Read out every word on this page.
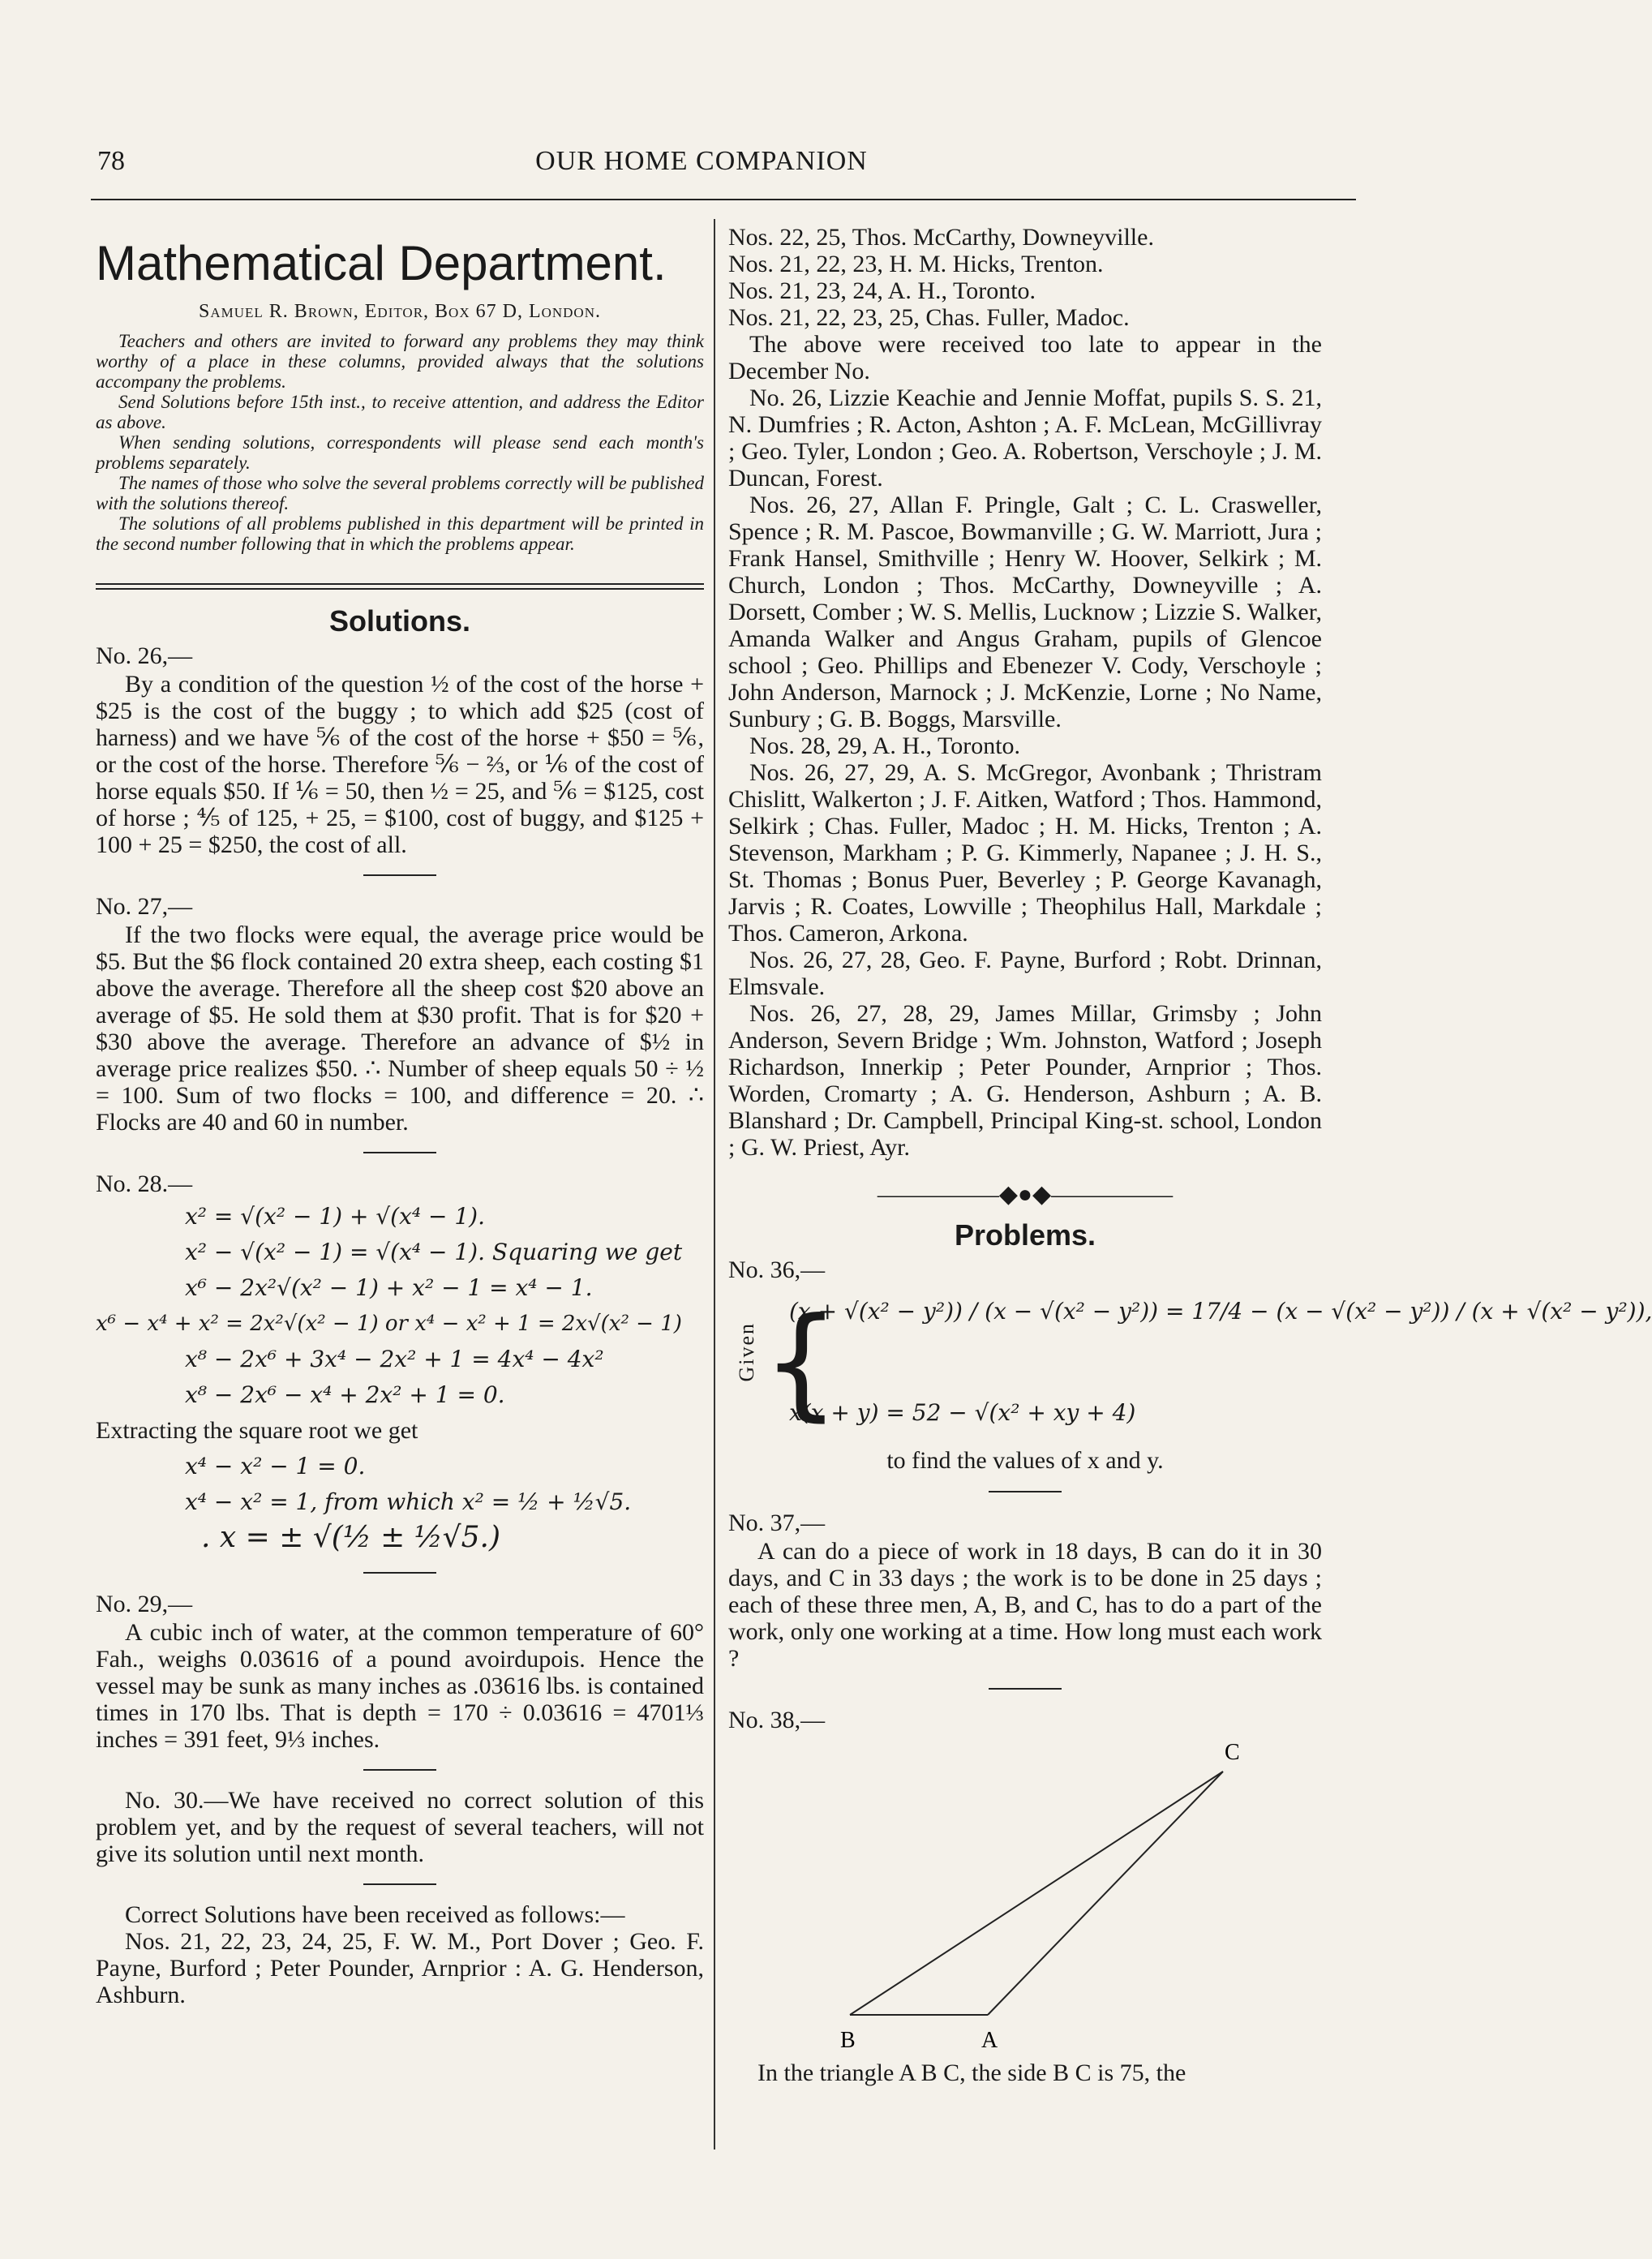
78	OUR HOME COMPANION
Mathematical Department.
Samuel R. Brown, Editor, Box 67 D, London.

Teachers and others are invited to forward any problems they may think worthy of a place in these columns, provided always that the solutions accompany the problems.

Send Solutions before 15th inst., to receive attention, and address the Editor as above.

When sending solutions, correspondents will please send each month's problems separately.

The names of those who solve the several problems correctly will be published with the solutions thereof.

The solutions of all problems published in this department will be printed in the second number following that in which the problems appear.

Solutions.

No. 26,—

By a condition of the question ½ of the cost of the horse + $25 is the cost of the buggy ; to which add $25 (cost of harness) and we have ⅚ of the cost of the horse + $50 = ⅚, or the cost of the horse. Therefore ⅚ − ⅔, or ⅙ of the cost of horse equals $50. If ⅙ = 50, then ½ = 25, and ⅚ = $125, cost of horse ; ⅘ of 125, + 25, = $100, cost of buggy, and $125 + 100 + 25 = $250, the cost of all.

No. 27,—

If the two flocks were equal, the average price would be $5. But the $6 flock contained 20 extra sheep, each costing $1 above the average. Therefore all the sheep cost $20 above an average of $5. He sold them at $30 profit. That is for $20 + $30 above the average. Therefore an advance of $½ in average price realizes $50. ∴ Number of sheep equals 50 ÷ ½ = 100. Sum of two flocks = 100, and difference = 20. ∴ Flocks are 40 and 60 in number.

No. 28.—

x² = √(x² − 1) + √(x⁴ − 1).

x² − √(x² − 1) = √(x⁴ − 1). Squaring we get

x⁶ − 2x²√(x² − 1) + x² − 1 = x⁴ − 1.

x⁶ − x⁴ + x² = 2x²√(x² − 1) or x⁴ − x² + 1 = 2x√(x² − 1)

x⁸ − 2x⁶ + 3x⁴ − 2x² + 1 = 4x⁴ − 4x²

x⁸ − 2x⁶ − x⁴ + 2x² + 1 = 0.

Extracting the square root we get

x⁴ − x² − 1 = 0.

x⁴ − x² = 1, from which x² = ½ + ½√5.

. x = ± √(½ ± ½√5.)

No. 29,—

A cubic inch of water, at the common temperature of 60° Fah., weighs 0.03616 of a pound avoirdupois. Hence the vessel may be sunk as many inches as .03616 lbs. is contained times in 170 lbs. That is depth = 170 ÷ 0.03616 = 4701⅓ inches = 391 feet, 9⅓ inches.

No. 30.—We have received no correct solution of this problem yet, and by the request of several teachers, will not give its solution until next month.

Correct Solutions have been received as follows:—

Nos. 21, 22, 23, 24, 25, F. W. M., Port Dover ; Geo. F. Payne, Burford ; Peter Pounder, Arnprior : A. G. Henderson, Ashburn.

Nos. 22, 25, Thos. McCarthy, Downeyville.

Nos. 21, 22, 23, H. M. Hicks, Trenton.

Nos. 21, 23, 24, A. H., Toronto.

Nos. 21, 22, 23, 25, Chas. Fuller, Madoc.

The above were received too late to appear in the December No.

No. 26, Lizzie Keachie and Jennie Moffat, pupils S. S. 21, N. Dumfries ; R. Acton, Ashton ; A. F. McLean, McGillivray ; Geo. Tyler, London ; Geo. A. Robertson, Verschoyle ; J. M. Duncan, Forest.

Nos. 26, 27, Allan F. Pringle, Galt ; C. L. Crasweller, Spence ; R. M. Pascoe, Bowmanville ; G. W. Marriott, Jura ; Frank Hansel, Smithville ; Henry W. Hoover, Selkirk ; M. Church, London ; Thos. McCarthy, Downeyville ; A. Dorsett, Comber ; W. S. Mellis, Lucknow ; Lizzie S. Walker, Amanda Walker and Angus Graham, pupils of Glencoe school ; Geo. Phillips and Ebenezer V. Cody, Verschoyle ; John Anderson, Marnock ; J. McKenzie, Lorne ; No Name, Sunbury ; G. B. Boggs, Marsville.

Nos. 28, 29, A. H., Toronto.

Nos. 26, 27, 29, A. S. McGregor, Avonbank ; Thristram Chislitt, Walkerton ; J. F. Aitken, Watford ; Thos. Hammond, Selkirk ; Chas. Fuller, Madoc ; H. M. Hicks, Trenton ; A. Stevenson, Markham ; P. G. Kimmerly, Napanee ; J. H. S., St. Thomas ; Bonus Puer, Beverley ; P. George Kavanagh, Jarvis ; R. Coates, Lowville ; Theophilus Hall, Markdale ; Thos. Cameron, Arkona.

Nos. 26, 27, 28, Geo. F. Payne, Burford ; Robt. Drinnan, Elmsvale.

Nos. 26, 27, 28, 29, James Millar, Grimsby ; John Anderson, Severn Bridge ; Wm. Johnston, Watford ; Joseph Richardson, Innerkip ; Peter Pounder, Arnprior ; Thos. Worden, Cromarty ; A. G. Henderson, Ashburn ; A. B. Blanshard ; Dr. Campbell, Principal King-st. school, London ; G. W. Priest, Ayr.

—————◆●◆—————
Problems.

No. 36,—

Given {
(x + √(x² − y²)) / (x − √(x² − y²)) = 17/4 − (x − √(x² − y²)) / (x + √(x² − y²)),
x(x + y) = 52 − √(x² + xy + 4)
to find the values of x and y.

No. 37,—

A can do a piece of work in 18 days, B can do it in 30 days, and C in 33 days ; the work is to be done in 25 days ; each of these three men, A, B, and C, has to do a part of the work, only one working at a time. How long must each work ?

No. 38,—

C
B	A

In the triangle A B C, the side B C is 75, the
